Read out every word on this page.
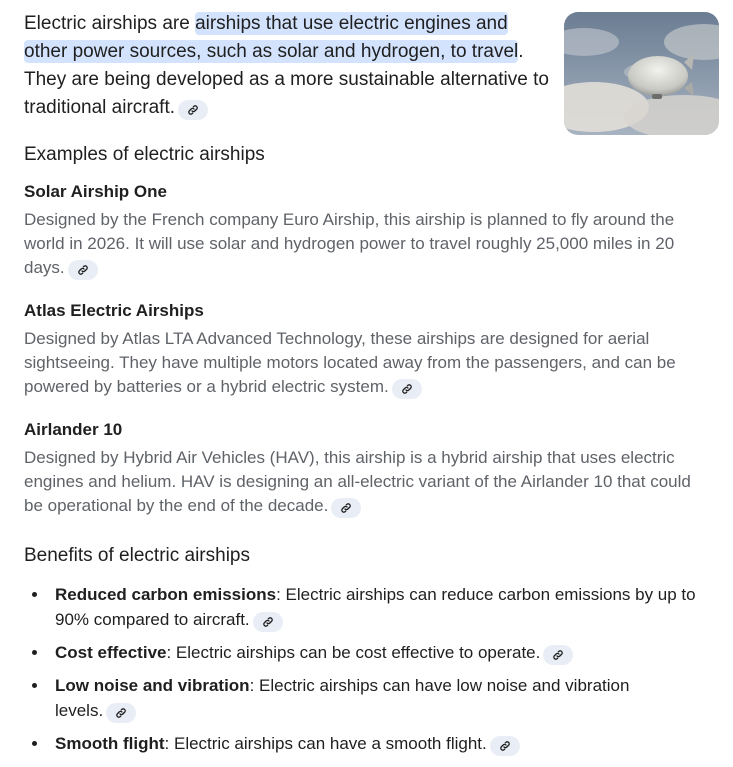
Electric airships are airships that use electric engines and other power sources, such as solar and hydrogen, to travel. They are being developed as a more sustainable alternative to traditional aircraft.
Examples of electric airships
Solar Airship One

Designed by the French company Euro Airship, this airship is planned to fly around the world in 2026. It will use solar and hydrogen power to travel roughly 25,000 miles in 20 days.

Atlas Electric Airships

Designed by Atlas LTA Advanced Technology, these airships are designed for aerial sightseeing. They have multiple motors located away from the passengers, and can be powered by batteries or a hybrid electric system.

Airlander 10

Designed by Hybrid Air Vehicles (HAV), this airship is a hybrid airship that uses electric engines and helium. HAV is designing an all-electric variant of the Airlander 10 that could be operational by the end of the decade.

Benefits of electric airships
Reduced carbon emissions: Electric airships can reduce carbon emissions by up to 90% compared to aircraft.
Cost effective: Electric airships can be cost effective to operate.
Low noise and vibration: Electric airships can have low noise and vibration levels.
Smooth flight: Electric airships can have a smooth flight.
